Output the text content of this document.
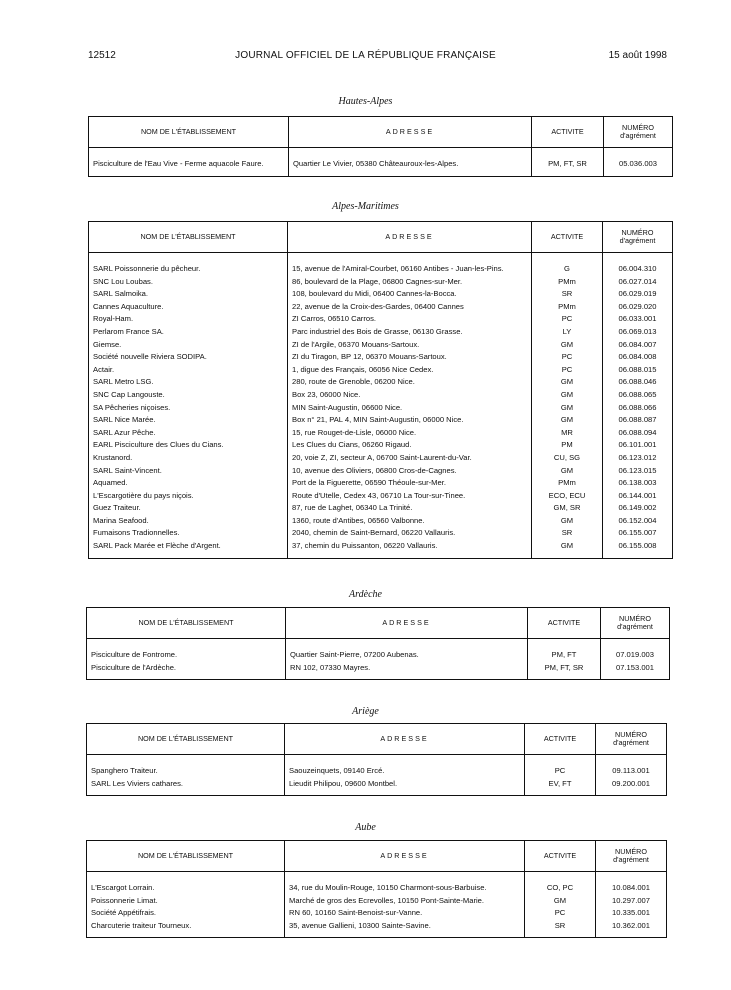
12512	JOURNAL OFFICIEL DE LA RÉPUBLIQUE FRANÇAISE	15 août 1998
Hautes-Alpes
NOM DE L'ÉTABLISSEMENT	ADRESSE	ACTIVITE	NUMÉRO
d'agrément

Pisciculture de l'Eau Vive - Ferme aquacole Faure.	Quartier Le Vivier, 05380 Châteauroux-les-Alpes.	PM, FT, SR	05.036.003

Alpes-Maritimes
NOM DE L'ÉTABLISSEMENT	ADRESSE	ACTIVITE	NUMÉRO
d'agrément

SARL Poissonnerie du pêcheur.	15, avenue de l'Amiral-Courbet, 06160 Antibes - Juan-les-Pins.	G	06.004.310
SNC Lou Loubas.	86, boulevard de la Plage, 06800 Cagnes-sur-Mer.	PMm	06.027.014
SARL Salmoika.	108, boulevard du Midi, 06400 Cannes-la-Bocca.	SR	06.029.019
Cannes Aquaculture.	22, avenue de la Croix-des-Gardes, 06400 Cannes	PMm	06.029.020
Royal-Ham.	ZI Carros, 06510 Carros.	PC	06.033.001
Perlarom France SA.	Parc industriel des Bois de Grasse, 06130 Grasse.	LY	06.069.013
Giemse.	ZI de l'Argile, 06370 Mouans-Sartoux.	GM	06.084.007
Société nouvelle Riviera SODIPA.	ZI du Tiragon, BP 12, 06370 Mouans-Sartoux.	PC	06.084.008
Actair.	1, digue des Français, 06056 Nice Cedex.	PC	06.088.015
SARL Metro LSG.	280, route de Grenoble, 06200 Nice.	GM	06.088.046
SNC Cap Langouste.	Box 23, 06000 Nice.	GM	06.088.065
SA Pêcheries niçoises.	MIN Saint-Augustin, 06600 Nice.	GM	06.088.066
SARL Nice Marée.	Box n° 21, PAL 4, MIN Saint-Augustin, 06000 Nice.	GM	06.088.087
SARL Azur Pêche.	15, rue Rouget-de-Lisle, 06000 Nice.	MR	06.088.094
EARL Pisciculture des Clues du Cians.	Les Clues du Cians, 06260 Rigaud.	PM	06.101.001
Krustanord.	20, voie Z, ZI, secteur A, 06700 Saint-Laurent-du-Var.	CU, SG	06.123.012
SARL Saint-Vincent.	10, avenue des Oliviers, 06800 Cros-de-Cagnes.	GM	06.123.015
Aquamed.	Port de la Figuerette, 06590 Théoule-sur-Mer.	PMm	06.138.003
L'Escargotière du pays niçois.	Route d'Utelle, Cedex 43, 06710 La Tour-sur-Tinee.	ECO, ECU	06.144.001
Guez Traiteur.	87, rue de Laghet, 06340 La Trinité.	GM, SR	06.149.002
Marina Seafood.	1360, route d'Antibes, 06560 Valbonne.	GM	06.152.004
Fumaisons Tradionnelles.	2040, chemin de Saint-Bernard, 06220 Vallauris.	SR	06.155.007
SARL Pack Marée et Flèche d'Argent.	37, chemin du Puissanton, 06220 Vallauris.	GM	06.155.008

Ardèche
NOM DE L'ÉTABLISSEMENT	ADRESSE	ACTIVITE	NUMÉRO
d'agrément

Pisciculture de Fontrome.	Quartier Saint-Pierre, 07200 Aubenas.	PM, FT	07.019.003
Pisciculture de l'Ardèche.	RN 102, 07330 Mayres.	PM, FT, SR	07.153.001

Ariège
NOM DE L'ÉTABLISSEMENT	ADRESSE	ACTIVITE	NUMÉRO
d'agrément

Spanghero Traiteur.	Saouzeinquets, 09140 Ercé.	PC	09.113.001
SARL Les Viviers cathares.	Lieudit Philipou, 09600 Montbel.	EV, FT	09.200.001

Aube
NOM DE L'ÉTABLISSEMENT	ADRESSE	ACTIVITE	NUMÉRO
d'agrément

L'Escargot Lorrain.	34, rue du Moulin-Rouge, 10150 Charmont-sous-Barbuise.	CO, PC	10.084.001
Poissonnerie Limat.	Marché de gros des Ecrevolles, 10150 Pont-Sainte-Marie.	GM	10.297.007
Société Appétifrais.	RN 60, 10160 Saint-Benoist-sur-Vanne.	PC	10.335.001
Charcuterie traiteur Tourneux.	35, avenue Gallieni, 10300 Sainte-Savine.	SR	10.362.001
